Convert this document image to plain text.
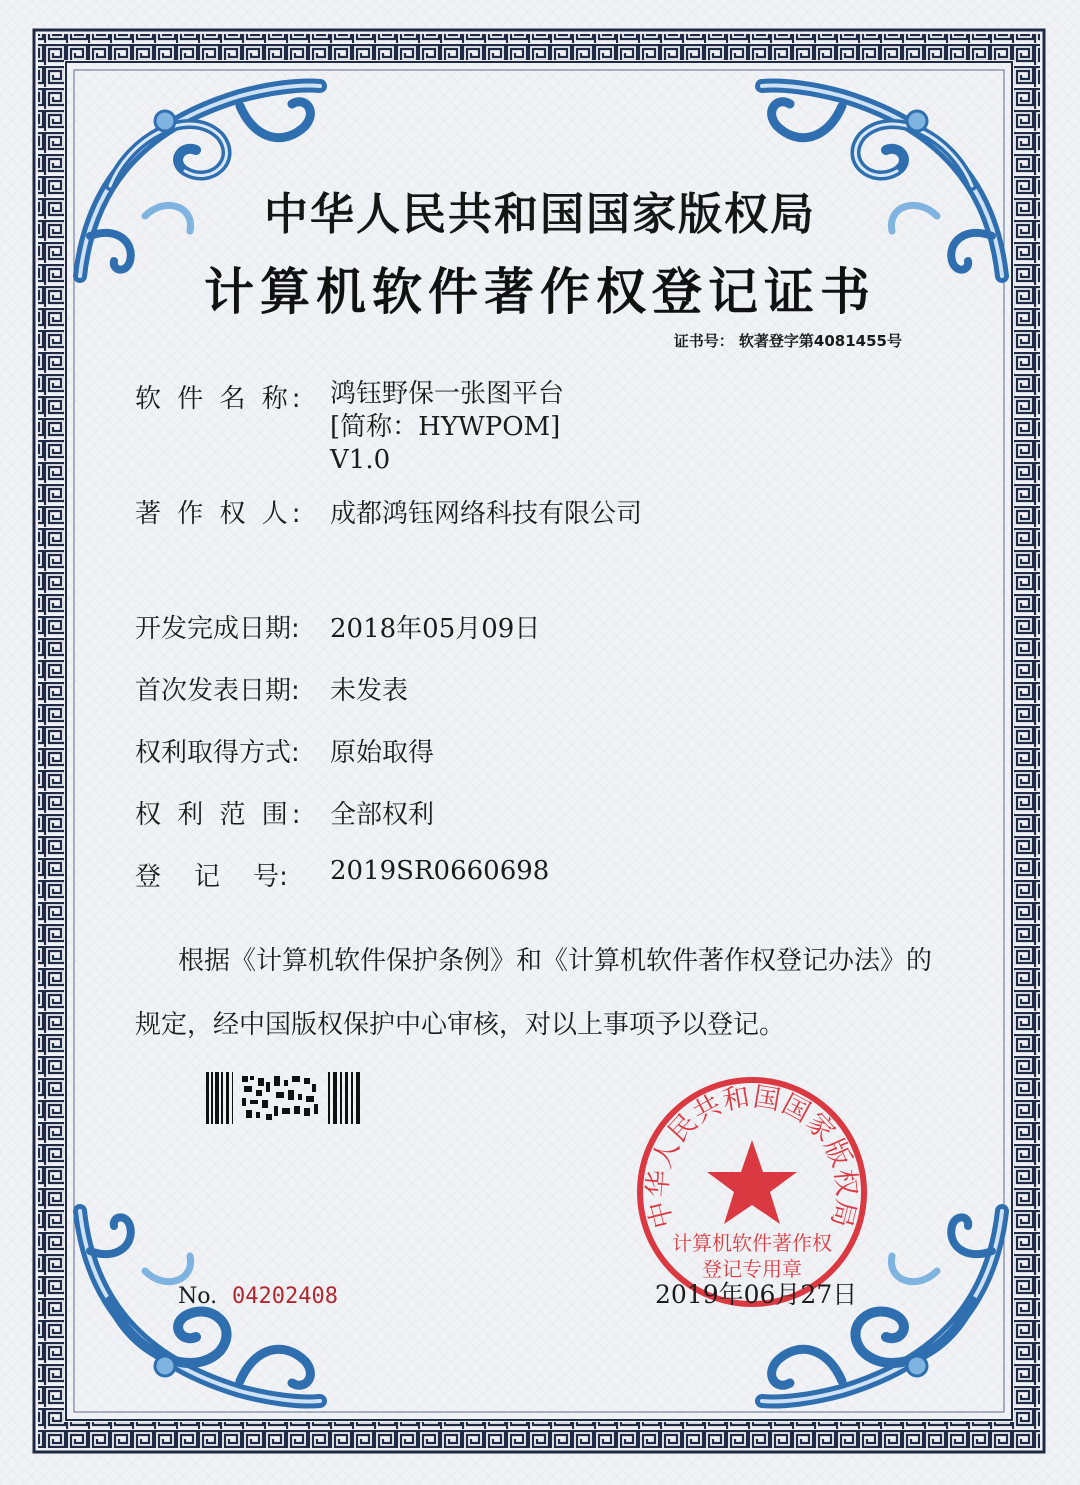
中华人民共和国国家版权局
计算机软件著作权登记证书
证书号： 软著登字第4081455号
软 件 名 称: 鸿钰野保一张图平台
[简称：HYWPOM]
V1.0
著 作 权 人: 成都鸿钰网络科技有限公司
开发完成日期:	2018年05月09日
首次发表日期:	未发表
权利取得方式:	原始取得
权 利 范 围: 全部权利
登    记    号:	2019SR0660698
根据《计算机软件保护条例》和《计算机软件著作权登记办法》的
规定，经中国版权保护中心审核，对以上事项予以登记。
中华人民共和国国家版权局
计算机软件著作权
登记专用章
No. 04202408	2019年06月27日
